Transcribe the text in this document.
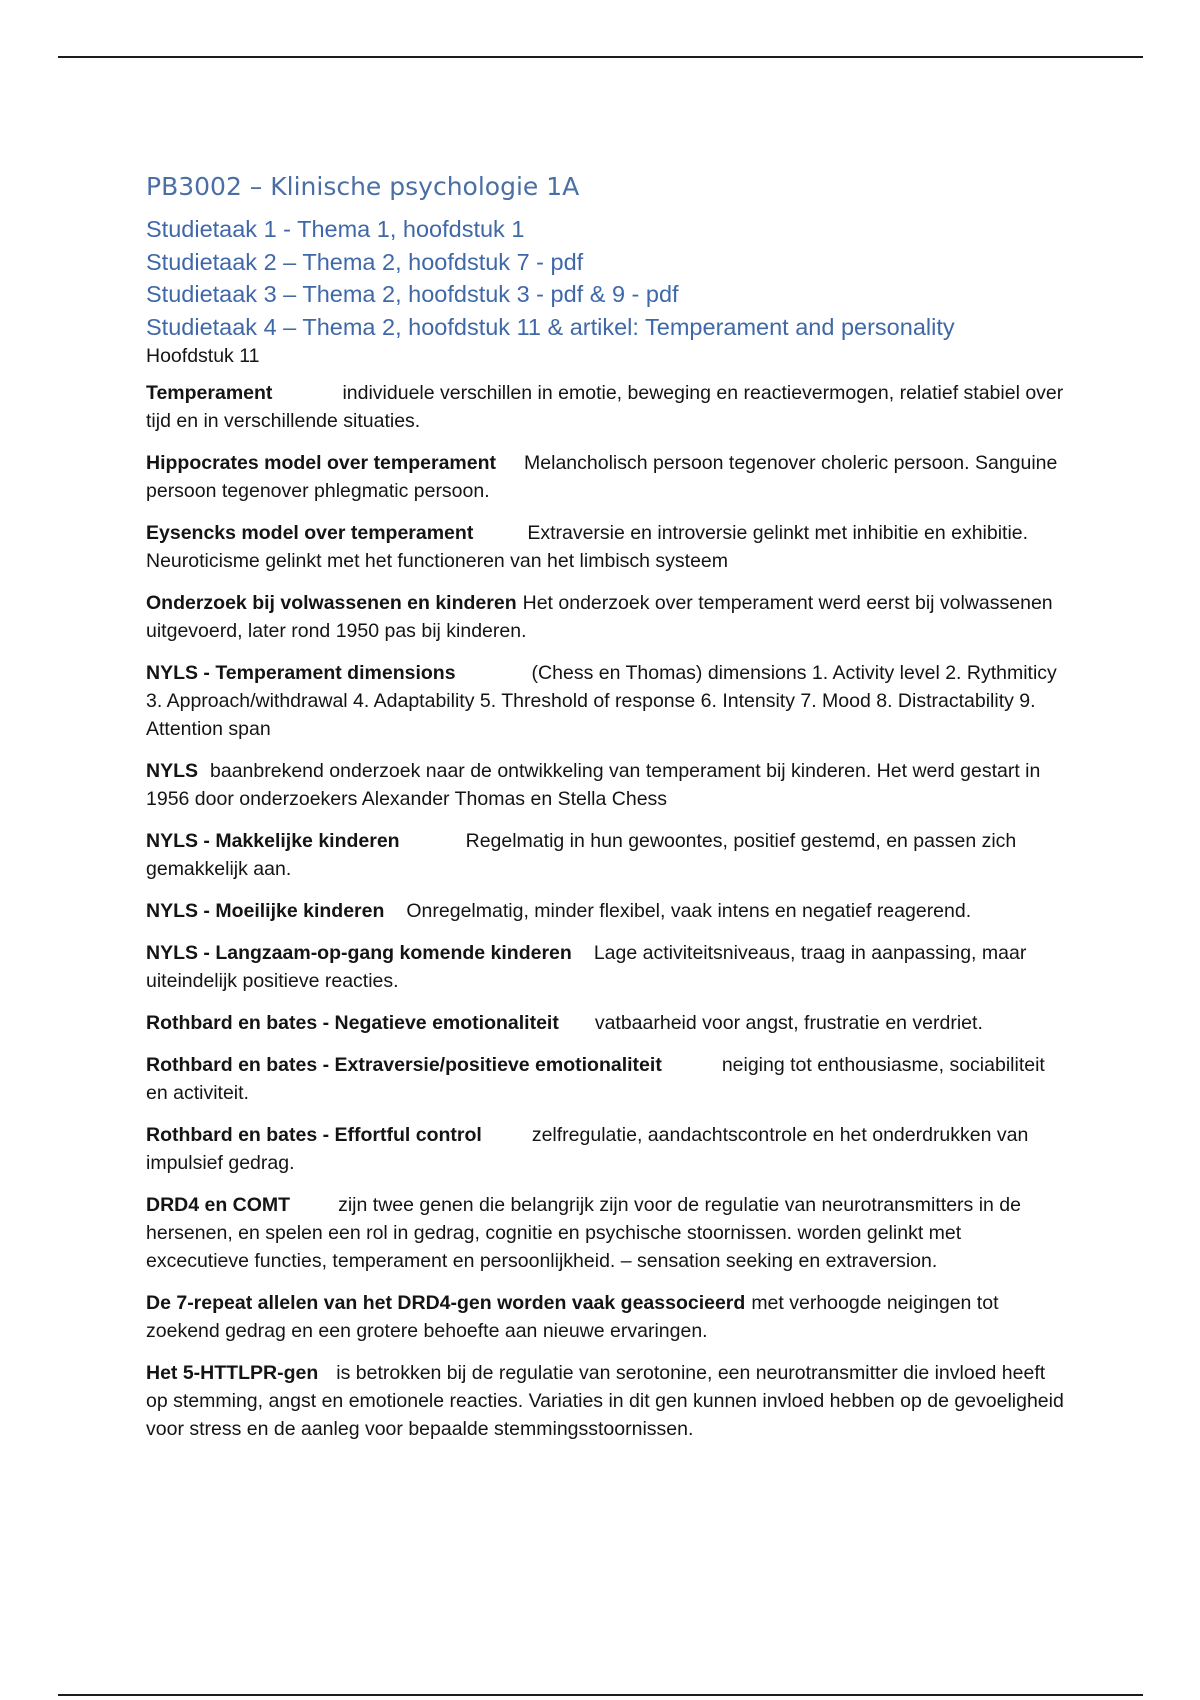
PB3002 – Klinische psychologie 1A
Studietaak 1 - Thema 1, hoofdstuk 1
Studietaak 2 – Thema 2, hoofdstuk 7 - pdf
Studietaak 3 – Thema 2, hoofdstuk 3 - pdf & 9 - pdf
Studietaak 4 – Thema 2, hoofdstuk 11 & artikel: Temperament and personality
Hoofdstuk 11

Temperament	individuele verschillen in emotie, beweging en reactievermogen, relatief stabiel over tijd en in verschillende situaties.

Hippocrates model over temperament Melancholisch persoon tegenover choleric persoon. Sanguine persoon tegenover phlegmatic persoon.

Eysencks model over temperament	Extraversie en introversie gelinkt met inhibitie en exhibitie. Neuroticisme gelinkt met het functioneren van het limbisch systeem

Onderzoek bij volwassenen en kinderen Het onderzoek over temperament werd eerst bij volwassenen uitgevoerd, later rond 1950 pas bij kinderen.

NYLS - Temperament dimensions	(Chess en Thomas) dimensions 1. Activity level 2. Rythmiticy 3. Approach/withdrawal 4. Adaptability 5. Threshold of response 6. Intensity 7. Mood 8. Distractability 9. Attention span

NYLS baanbrekend onderzoek naar de ontwikkeling van temperament bij kinderen. Het werd gestart in 1956 door onderzoekers Alexander Thomas en Stella Chess

NYLS - Makkelijke kinderen	Regelmatig in hun gewoontes, positief gestemd, en passen zich gemakkelijk aan.

NYLS - Moeilijke kinderen Onregelmatig, minder flexibel, vaak intens en negatief reagerend.

NYLS - Langzaam-op-gang komende kinderen Lage activiteitsniveaus, traag in aanpassing, maar uiteindelijk positieve reacties.

Rothbard en bates - Negatieve emotionaliteit vatbaarheid voor angst, frustratie en verdriet.

Rothbard en bates - Extraversie/positieve emotionaliteit	neiging tot enthousiasme, sociabiliteit en activiteit.

Rothbard en bates - Effortful control	zelfregulatie, aandachtscontrole en het onderdrukken van impulsief gedrag.

DRD4 en COMT zijn twee genen die belangrijk zijn voor de regulatie van neurotransmitters in de hersenen, en spelen een rol in gedrag, cognitie en psychische stoornissen. worden gelinkt met excecutieve functies, temperament en persoonlijkheid. – sensation seeking en extraversion.

De 7-repeat allelen van het DRD4-gen worden vaak geassocieerd met verhoogde neigingen tot zoekend gedrag en een grotere behoefte aan nieuwe ervaringen.

Het 5-HTTLPR-gen is betrokken bij de regulatie van serotonine, een neurotransmitter die invloed heeft op stemming, angst en emotionele reacties. Variaties in dit gen kunnen invloed hebben op de gevoeligheid voor stress en de aanleg voor bepaalde stemmingsstoornissen.
